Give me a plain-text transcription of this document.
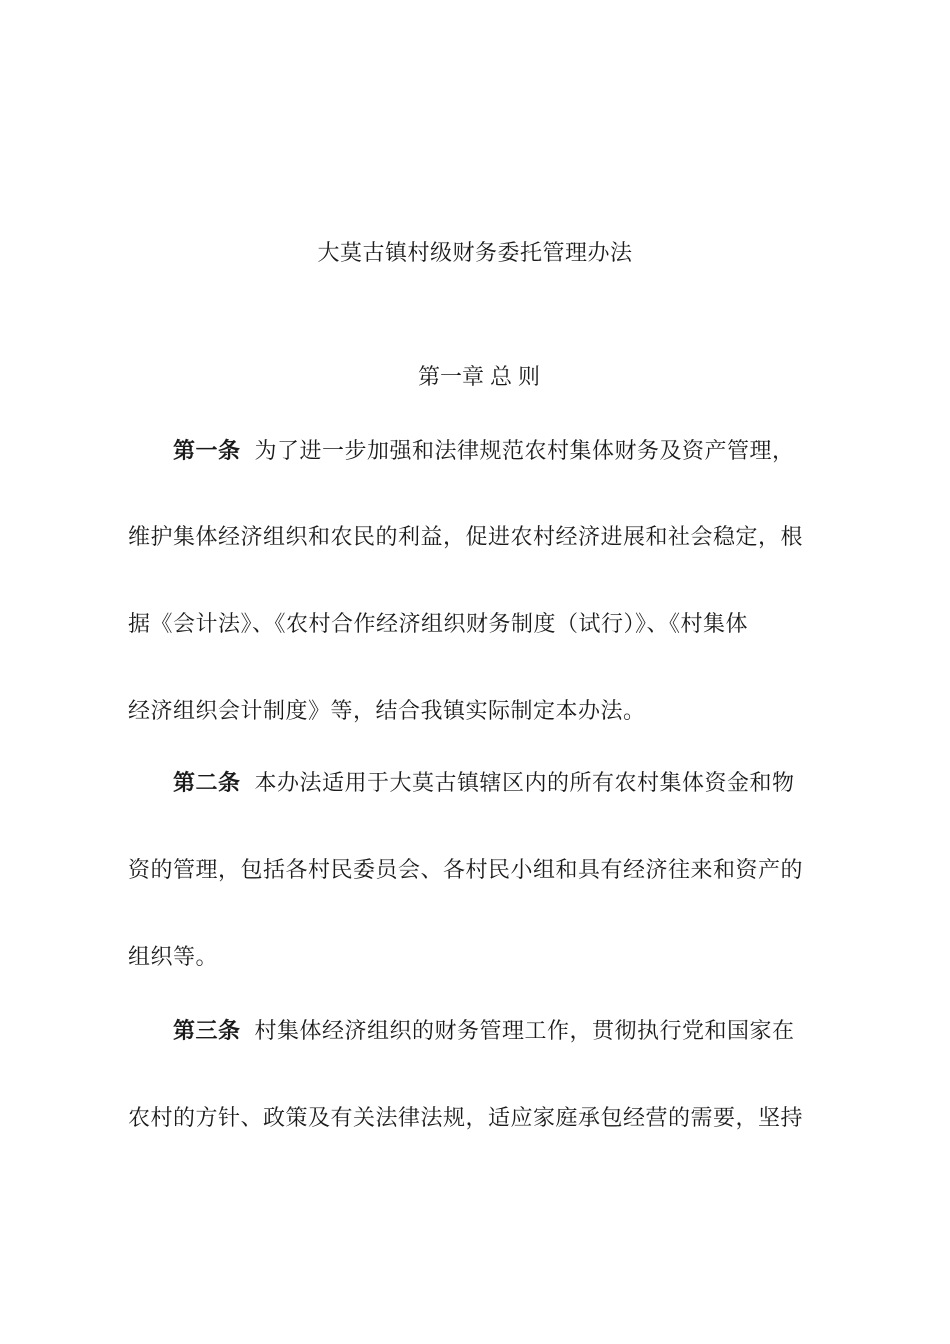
大莫古镇村级财务委托管理办法
第一章 总 则
第一条 为了进一步加强和法律规范农村集体财务及资产管理，
维护集体经济组织和农民的利益，促进农村经济进展和社会稳定，根
据《会计法》、《农村合作经济组织财务制度（试行）》、《村集体
经济组织会计制度》等，结合我镇实际制定本办法。
第二条 本办法适用于大莫古镇辖区内的所有农村集体资金和物
资的管理，包括各村民委员会、各村民小组和具有经济往来和资产的
组织等。
第三条 村集体经济组织的财务管理工作，贯彻执行党和国家在
农村的方针、政策及有关法律法规，适应家庭承包经营的需要，坚持
